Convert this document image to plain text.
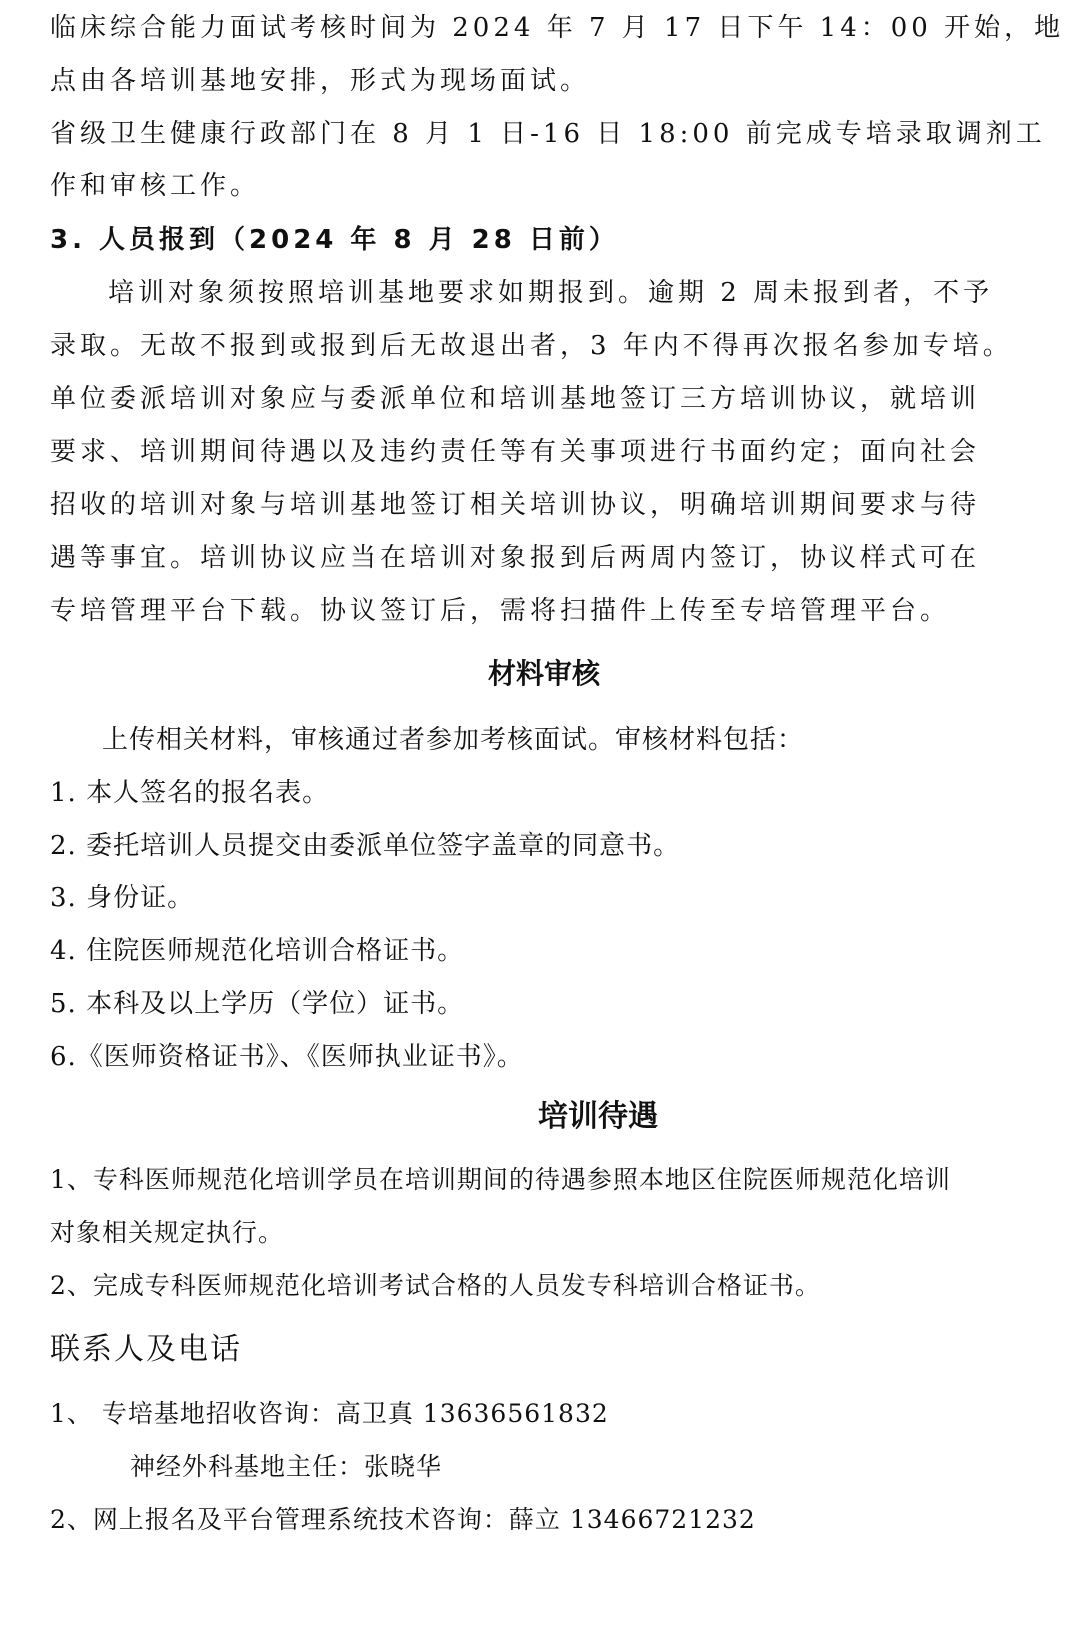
临床综合能力面试考核时间为 2024 年 7 月 17 日下午 14：00 开始，地
点由各培训基地安排，形式为现场面试。
省级卫生健康行政部门在 8 月 1 日-16 日 18:00 前完成专培录取调剂工
作和审核工作。
3. 人员报到（2024 年 8 月 28 日前）
培训对象须按照培训基地要求如期报到。逾期 2 周未报到者，不予
录取。无故不报到或报到后无故退出者，3 年内不得再次报名参加专培。
单位委派培训对象应与委派单位和培训基地签订三方培训协议，就培训
要求、培训期间待遇以及违约责任等有关事项进行书面约定；面向社会
招收的培训对象与培训基地签订相关培训协议，明确培训期间要求与待
遇等事宜。培训协议应当在培训对象报到后两周内签订，协议样式可在
专培管理平台下载。协议签订后，需将扫描件上传至专培管理平台。
材料审核
上传相关材料，审核通过者参加考核面试。审核材料包括：
1. 本人签名的报名表。
2. 委托培训人员提交由委派单位签字盖章的同意书。
3. 身份证。
4. 住院医师规范化培训合格证书。
5. 本科及以上学历（学位）证书。
6.《医师资格证书》、《医师执业证书》。
培训待遇
1、专科医师规范化培训学员在培训期间的待遇参照本地区住院医师规范化培训
对象相关规定执行。
2、完成专科医师规范化培训考试合格的人员发专科培训合格证书。
联系人及电话
1、 专培基地招收咨询：高卫真 13636561832
神经外科基地主任：张晓华
2、网上报名及平台管理系统技术咨询：薛立 13466721232
